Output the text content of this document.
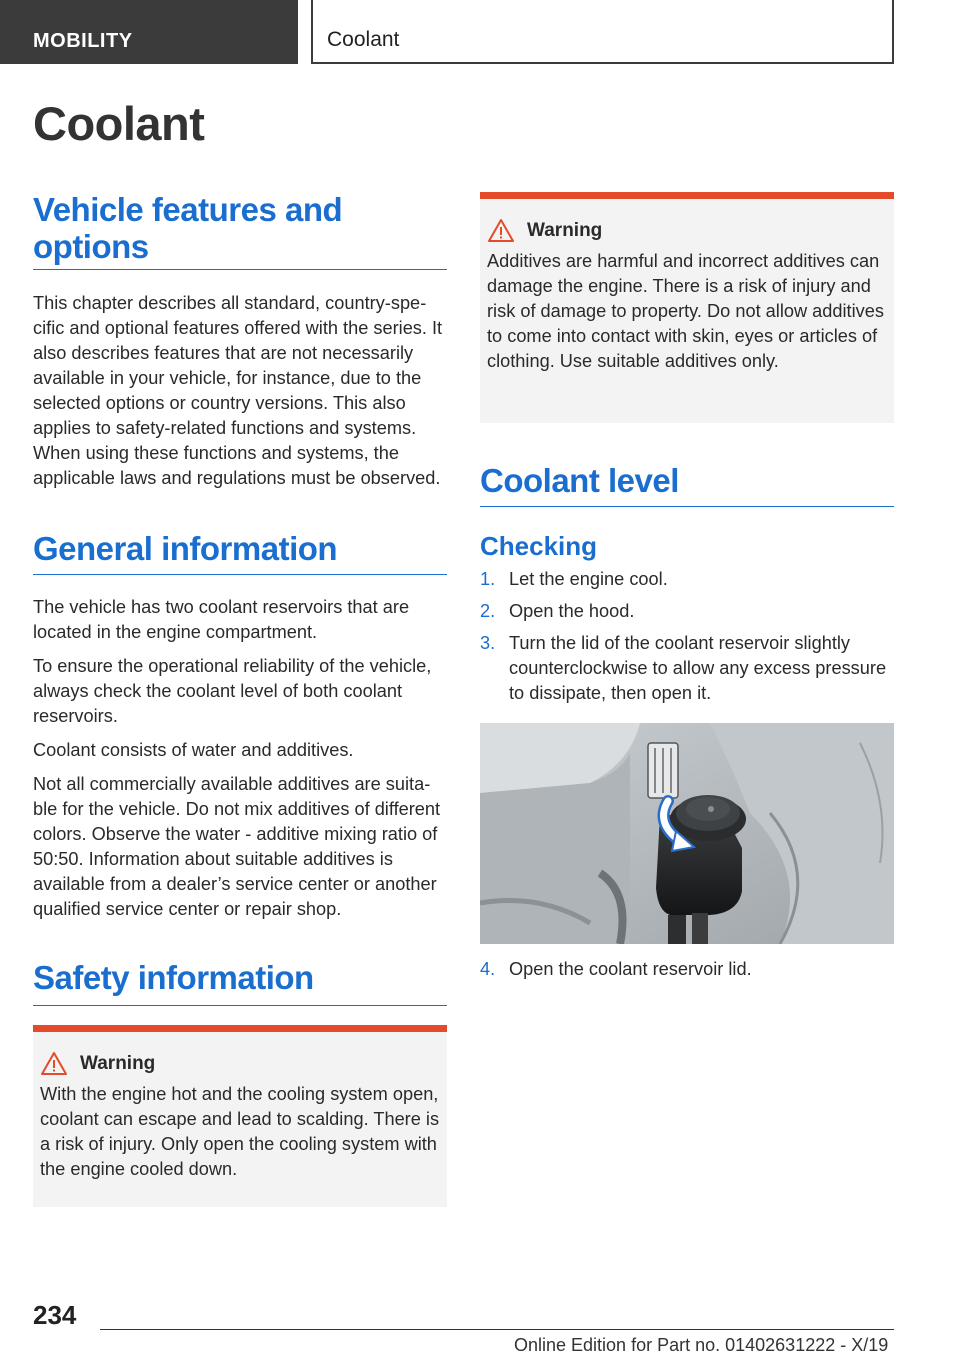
MOBILITY	Coolant
Coolant
Vehicle features and options

This chapter describes all standard, country-specific and optional features offered with the series. It also describes features that are not necessarily available in your vehicle, for instance, due to the selected options or country versions. This also applies to safety-related functions and systems. When using these functions and systems, the applicable laws and regulations must be observed.

General information

The vehicle has two coolant reservoirs that are located in the engine compartment.

To ensure the operational reliability of the vehicle, always check the coolant level of both coolant reservoirs.

Coolant consists of water and additives.

Not all commercially available additives are suitable for the vehicle. Do not mix additives of different colors. Observe the water - additive mixing ratio of 50:50. Information about suitable additives is available from a dealer’s service center or another qualified service center or repair shop.

Safety information
Warning

With the engine hot and the cooling system open, coolant can escape and lead to scalding. There is a risk of injury. Only open the cooling system with the engine cooled down.

Warning

Additives are harmful and incorrect additives can damage the engine. There is a risk of injury and risk of damage to property. Do not allow additives to come into contact with skin, eyes or articles of clothing. Use suitable additives only.

Coolant level
Checking
1. Let the engine cool.
2. Open the hood.
3. Turn the lid of the coolant reservoir slightly counterclockwise to allow any excess pressure to dissipate, then open it.
4. Open the coolant reservoir lid.
234
Online Edition for Part no. 01402631222 - X/19
